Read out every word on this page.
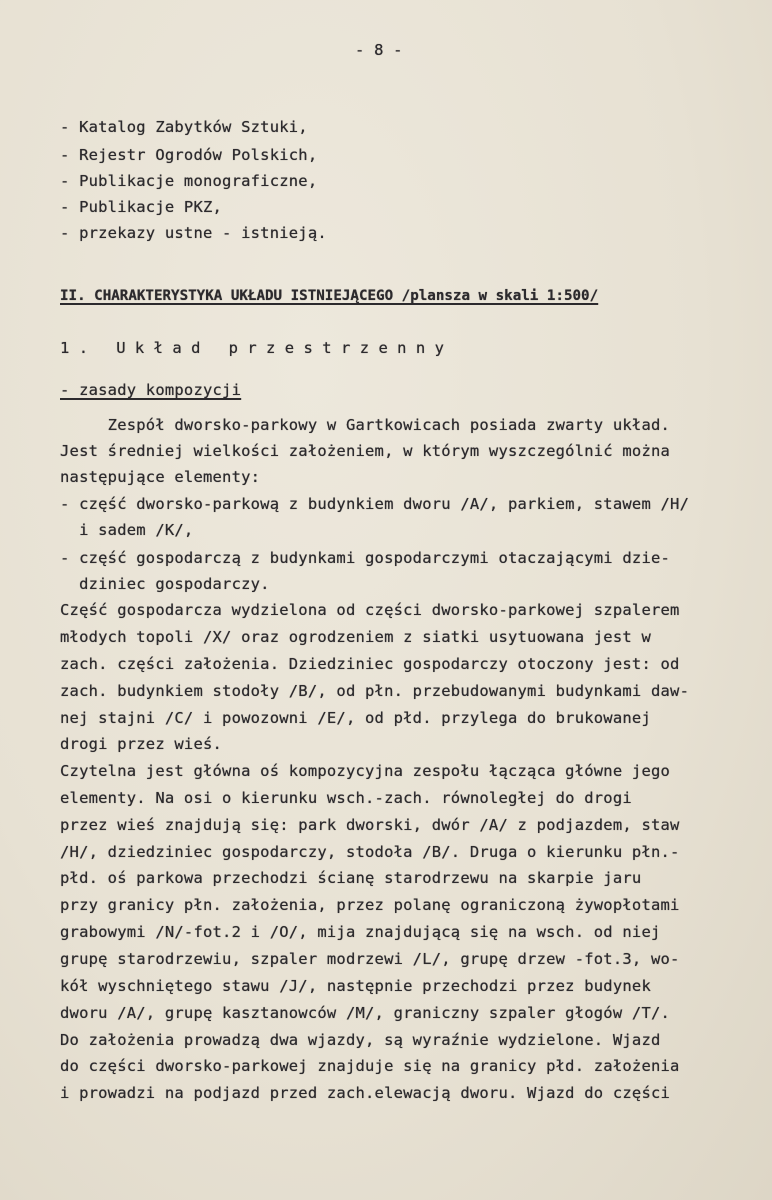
- 8 -
- Katalog Zabytków Sztuki,
- Rejestr Ogrodów Polskich,
- Publikacje monograficzne,
- Publikacje PKZ,
- przekazy ustne - istnieją.
II. CHARAKTERYSTYKA UKŁADU ISTNIEJĄCEGO /plansza w skali 1:500/
1. Układ przestrzenny
- zasady kompozycji
Zespół dworsko-parkowy w Gartkowicach posiada zwarty układ.
Jest średniej wielkości założeniem, w którym wyszczególnić można
następujące elementy:
- część dworsko-parkową z budynkiem dworu /A/, parkiem, stawem /H/
i sadem /K/,
- część gospodarczą z budynkami gospodarczymi otaczającymi dzie-
dziniec gospodarczy.
Część gospodarcza wydzielona od części dworsko-parkowej szpalerem
młodych topoli /X/ oraz ogrodzeniem z siatki usytuowana jest w
zach. części założenia. Dziedziniec gospodarczy otoczony jest: od
zach. budynkiem stodoły /B/, od płn. przebudowanymi budynkami daw-
nej stajni /C/ i powozowni /E/, od płd. przylega do brukowanej
drogi przez wieś.
Czytelna jest główna oś kompozycyjna zespołu łącząca główne jego
elementy. Na osi o kierunku wsch.-zach. równoległej do drogi
przez wieś znajdują się: park dworski, dwór /A/ z podjazdem, staw
/H/, dziedziniec gospodarczy, stodoła /B/. Druga o kierunku płn.-
płd. oś parkowa przechodzi ścianę starodrzewu na skarpie jaru
przy granicy płn. założenia, przez polanę ograniczoną żywopłotami
grabowymi /N/-fot.2 i /O/, mija znajdującą się na wsch. od niej
grupę starodrzewiu, szpaler modrzewi /L/, grupę drzew -fot.3, wo-
kół wyschniętego stawu /J/, następnie przechodzi przez budynek
dworu /A/, grupę kasztanowców /M/, graniczny szpaler głogów /T/.
Do założenia prowadzą dwa wjazdy, są wyraźnie wydzielone. Wjazd
do części dworsko-parkowej znajduje się na granicy płd. założenia
i prowadzi na podjazd przed zach.elewacją dworu. Wjazd do części
